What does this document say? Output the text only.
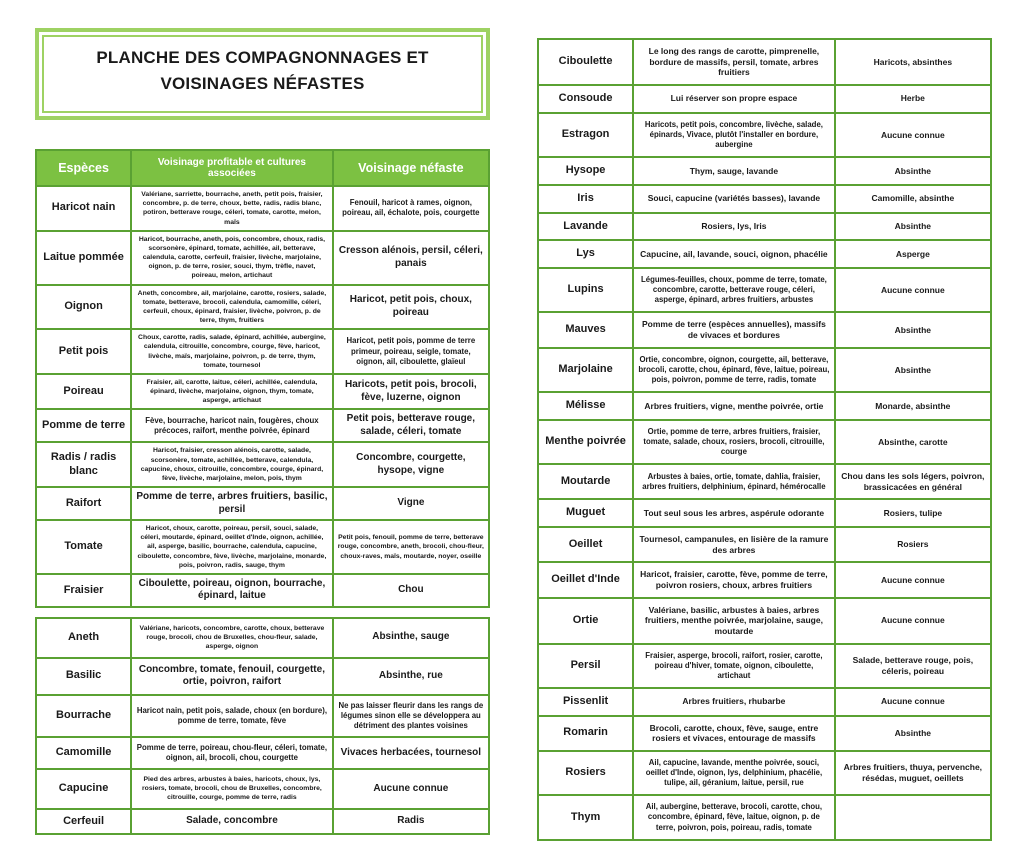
PLANCHE DES COMPAGNONNAGES ET VOISINAGES NÉFASTES
Espèces	Voisinage profitable et cultures associées	Voisinage néfaste
Haricot nain	Valériane, sarriette, bourrache, aneth, petit pois, fraisier, concombre, p. de terre, choux, bette, radis, radis blanc, potiron, betterave rouge, céleri, tomate, carotte, melon, maïs	Fenouil, haricot à rames, oignon, poireau, ail, échalote, pois, courgette
Laitue pommée	Haricot, bourrache, aneth, pois, concombre, choux, radis, scorsonère, épinard, tomate, achillée, ail, betterave, calendula, carotte, cerfeuil, fraisier, livèche, marjolaine, oignon, p. de terre, rosier, souci, thym, trèfle, navet, poireau, melon, artichaut	Cresson alénois, persil, céleri, panais
Oignon	Aneth, concombre, ail, marjolaine, carotte, rosiers, salade, tomate, betterave, brocoli, calendula, camomille, céleri, cerfeuil, choux, épinard, fraisier, livèche, poivron, p. de terre, thym, fruitiers	Haricot, petit pois, choux, poireau
Petit pois	Choux, carotte, radis, salade, épinard, achillée, aubergine, calendula, citrouille, concombre, courge, fève, haricot, livèche, maïs, marjolaine, poivron, p. de terre, thym, tomate, tournesol	Haricot, petit pois, pomme de terre primeur, poireau, seigle, tomate, oignon, ail, ciboulette, glaïeul
Poireau	Fraisier, ail, carotte, laitue, céleri, achillée, calendula, épinard, livèche, marjolaine, oignon, thym, tomate, asperge, artichaut	Haricots, petit pois, brocoli, fève, luzerne, oignon
Pomme de terre	Fève, bourrache, haricot nain, fougères, choux précoces, raifort, menthe poivrée, épinard	Petit pois, betterave rouge, salade, céleri, tomate
Radis / radis blanc	Haricot, fraisier, cresson alénois, carotte, salade, scorsonère, tomate, achillée, betterave, calendula, capucine, choux, citrouille, concombre, courge, épinard, fève, livèche, marjolaine, melon, pois, thym	Concombre, courgette, hysope, vigne
Raifort	Pomme de terre, arbres fruitiers, basilic, persil	Vigne
Tomate	Haricot, choux, carotte, poireau, persil, souci, salade, céleri, moutarde, épinard, oeillet d'Inde, oignon, achillée, ail, asperge, basilic, bourrache, calendula, capucine, ciboulette, concombre, fève, livèche, marjolaine, monarde, pois, poivron, radis, sauge, thym	Petit pois, fenouil, pomme de terre, betterave rouge, concombre, aneth, brocoli, chou-fleur, choux-raves, maïs, moutarde, noyer, oseille
Fraisier	Ciboulette, poireau, oignon, bourrache, épinard, laitue	Chou
Aneth	Valériane, haricots, concombre, carotte, choux, betterave rouge, brocoli, chou de Bruxelles, chou-fleur, salade, asperge, oignon	Absinthe, sauge
Basilic	Concombre, tomate, fenouil, courgette, ortie, poivron, raifort	Absinthe, rue
Bourrache	Haricot nain, petit pois, salade, choux (en bordure), pomme de terre, tomate, fève	Ne pas laisser fleurir dans les rangs de légumes sinon elle se développera au détriment des plantes voisines
Camomille	Pomme de terre, poireau, chou-fleur, céleri, tomate, oignon, ail, brocoli, chou, courgette	Vivaces herbacées, tournesol
Capucine	Pied des arbres, arbustes à baies, haricots, choux, lys, rosiers, tomate, brocoli, chou de Bruxelles, concombre, citrouille, courge, pomme de terre, radis	Aucune connue
Cerfeuil	Salade, concombre	Radis
Ciboulette	Le long des rangs de carotte, pimprenelle, bordure de massifs, persil, tomate, arbres fruitiers	Haricots, absinthes
Consoude	Lui réserver son propre espace	Herbe
Estragon	Haricots, petit pois, concombre, livèche, salade, épinards, Vivace, plutôt l'installer en bordure, aubergine	Aucune connue
Hysope	Thym, sauge, lavande	Absinthe
Iris	Souci, capucine (variétés basses), lavande	Camomille, absinthe
Lavande	Rosiers, lys, Iris	Absinthe
Lys	Capucine, ail, lavande, souci, oignon, phacélie	Asperge
Lupins	Légumes-feuilles, choux, pomme de terre, tomate, concombre, carotte, betterave rouge, céleri, asperge, épinard, arbres fruitiers, arbustes	Aucune connue
Mauves	Pomme de terre (espèces annuelles), massifs de vivaces et bordures	Absinthe
Marjolaine	Ortie, concombre, oignon, courgette, ail, betterave, brocoli, carotte, chou, épinard, fève, laitue, poireau, pois, poivron, pomme de terre, radis, tomate	Absinthe
Mélisse	Arbres fruitiers, vigne, menthe poivrée, ortie	Monarde, absinthe
Menthe poivrée	Ortie, pomme de terre, arbres fruitiers, fraisier, tomate, salade, choux, rosiers, brocoli, citrouille, courge	Absinthe, carotte
Moutarde	Arbustes à baies, ortie, tomate, dahlia, fraisier, arbres fruitiers, delphinium, épinard, hémérocalle	Chou dans les sols légers, poivron, brassicacées en général
Muguet	Tout seul sous les arbres, aspérule odorante	Rosiers, tulipe
Oeillet	Tournesol, campanules, en lisière de la ramure des arbres	Rosiers
Oeillet d'Inde	Haricot, fraisier, carotte, fève, pomme de terre, poivron rosiers, choux, arbres fruitiers	Aucune connue
Ortie	Valériane, basilic, arbustes à baies, arbres fruitiers, menthe poivrée, marjolaine, sauge, moutarde	Aucune connue
Persil	Fraisier, asperge, brocoli, raifort, rosier, carotte, poireau d'hiver, tomate, oignon, ciboulette, artichaut	Salade, betterave rouge, pois, céleris, poireau
Pissenlit	Arbres fruitiers, rhubarbe	Aucune connue
Romarin	Brocoli, carotte, choux, fève, sauge, entre rosiers et vivaces, entourage de massifs	Absinthe
Rosiers	Ail, capucine, lavande, menthe poivrée, souci, oeillet d'Inde, oignon, lys, delphinium, phacélie, tulipe, ail, géranium, laitue, persil, rue	Arbres fruitiers, thuya, pervenche, résédas, muguet, oeillets
Thym	Ail, aubergine, betterave, brocoli, carotte, chou, concombre, épinard, fève, laitue, oignon, p. de terre, poivron, pois, poireau, radis, tomate	
